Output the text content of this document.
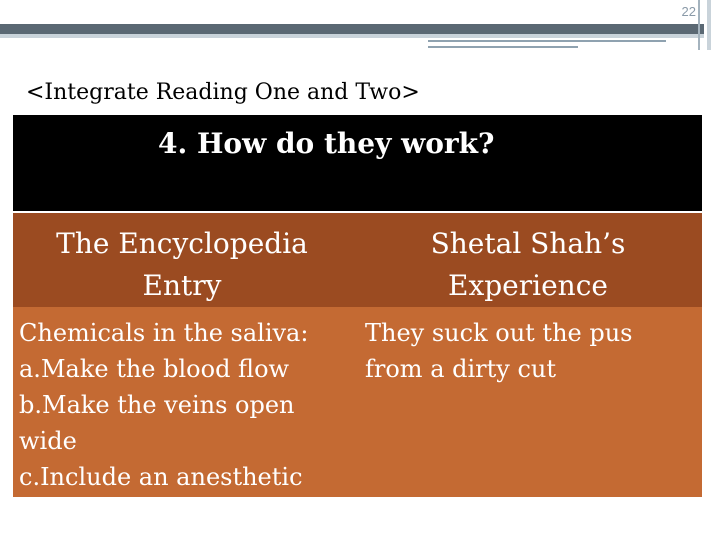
22
<Integrate Reading One and Two>
4. How do they work?
The Encyclopedia
Entry
Shetal Shah’s
Experience
Chemicals in the saliva:
a.Make the blood flow
b.Make the veins open
wide
c.Include an anesthetic
They suck out the pus
from a dirty cut
